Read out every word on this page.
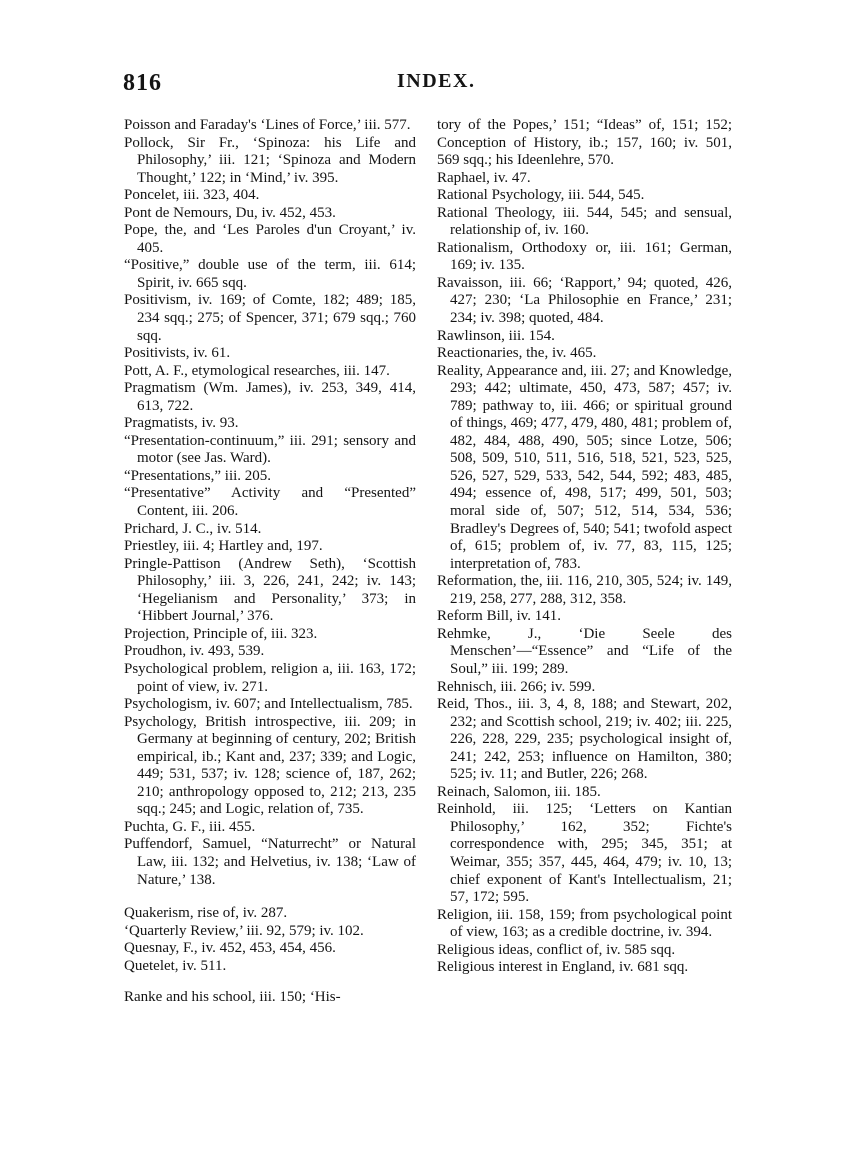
816	INDEX.

Poisson and Faraday's ‘Lines of Force,’ iii. 577.

Pollock, Sir Fr., ‘Spinoza: his Life and Philosophy,’ iii. 121; ‘Spinoza and Modern Thought,’ 122; in ‘Mind,’ iv. 395.

Poncelet, iii. 323, 404.

Pont de Nemours, Du, iv. 452, 453.

Pope, the, and ‘Les Paroles d'un Croyant,’ iv. 405.

“Positive,” double use of the term, iii. 614; Spirit, iv. 665 sqq.

Positivism, iv. 169; of Comte, 182; 489; 185, 234 sqq.; 275; of Spencer, 371; 679 sqq.; 760 sqq.

Positivists, iv. 61.

Pott, A. F., etymological researches, iii. 147.

Pragmatism (Wm. James), iv. 253, 349, 414, 613, 722.

Pragmatists, iv. 93.

“Presentation-continuum,” iii. 291; sensory and motor (see Jas. Ward).

“Presentations,” iii. 205.

“Presentative” Activity and “Presented” Content, iii. 206.

Prichard, J. C., iv. 514.

Priestley, iii. 4; Hartley and, 197.

Pringle-Pattison (Andrew Seth), ‘Scottish Philosophy,’ iii. 3, 226, 241, 242; iv. 143; ‘Hegelianism and Personality,’ 373; in ‘Hibbert Journal,’ 376.

Projection, Principle of, iii. 323.

Proudhon, iv. 493, 539.

Psychological problem, religion a, iii. 163, 172; point of view, iv. 271.

Psychologism, iv. 607; and Intellectualism, 785.

Psychology, British introspective, iii. 209; in Germany at beginning of century, 202; British empirical, ib.; Kant and, 237; 339; and Logic, 449; 531, 537; iv. 128; science of, 187, 262; 210; anthropology opposed to, 212; 213, 235 sqq.; 245; and Logic, relation of, 735.

Puchta, G. F., iii. 455.

Puffendorf, Samuel, “Naturrecht” or Natural Law, iii. 132; and Helvetius, iv. 138; ‘Law of Nature,’ 138.

Quakerism, rise of, iv. 287.

‘Quarterly Review,’ iii. 92, 579; iv. 102.

Quesnay, F., iv. 452, 453, 454, 456.

Quetelet, iv. 511.

Ranke and his school, iii. 150; ‘His-

tory of the Popes,’ 151; “Ideas” of, 151; 152; Conception of History, ib.; 157, 160; iv. 501, 569 sqq.; his Ideenlehre, 570.

Raphael, iv. 47.

Rational Psychology, iii. 544, 545.

Rational Theology, iii. 544, 545; and sensual, relationship of, iv. 160.

Rationalism, Orthodoxy or, iii. 161; German, 169; iv. 135.

Ravaisson, iii. 66; ‘Rapport,’ 94; quoted, 426, 427; 230; ‘La Philosophie en France,’ 231; 234; iv. 398; quoted, 484.

Rawlinson, iii. 154.

Reactionaries, the, iv. 465.

Reality, Appearance and, iii. 27; and Knowledge, 293; 442; ultimate, 450, 473, 587; 457; iv. 789; pathway to, iii. 466; or spiritual ground of things, 469; 477, 479, 480, 481; problem of, 482, 484, 488, 490, 505; since Lotze, 506; 508, 509, 510, 511, 516, 518, 521, 523, 525, 526, 527, 529, 533, 542, 544, 592; 483, 485, 494; essence of, 498, 517; 499, 501, 503; moral side of, 507; 512, 514, 534, 536; Bradley's Degrees of, 540; 541; twofold aspect of, 615; problem of, iv. 77, 83, 115, 125; interpretation of, 783.

Reformation, the, iii. 116, 210, 305, 524; iv. 149, 219, 258, 277, 288, 312, 358.

Reform Bill, iv. 141.

Rehmke, J., ‘Die Seele des Menschen’—“Essence” and “Life of the Soul,” iii. 199; 289.

Rehnisch, iii. 266; iv. 599.

Reid, Thos., iii. 3, 4, 8, 188; and Stewart, 202, 232; and Scottish school, 219; iv. 402; iii. 225, 226, 228, 229, 235; psychological insight of, 241; 242, 253; influence on Hamilton, 380; 525; iv. 11; and Butler, 226; 268.

Reinach, Salomon, iii. 185.

Reinhold, iii. 125; ‘Letters on Kantian Philosophy,’ 162, 352; Fichte's correspondence with, 295; 345, 351; at Weimar, 355; 357, 445, 464, 479; iv. 10, 13; chief exponent of Kant's Intellectualism, 21; 57, 172; 595.

Religion, iii. 158, 159; from psychological point of view, 163; as a credible doctrine, iv. 394.

Religious ideas, conflict of, iv. 585 sqq.

Religious interest in England, iv. 681 sqq.
